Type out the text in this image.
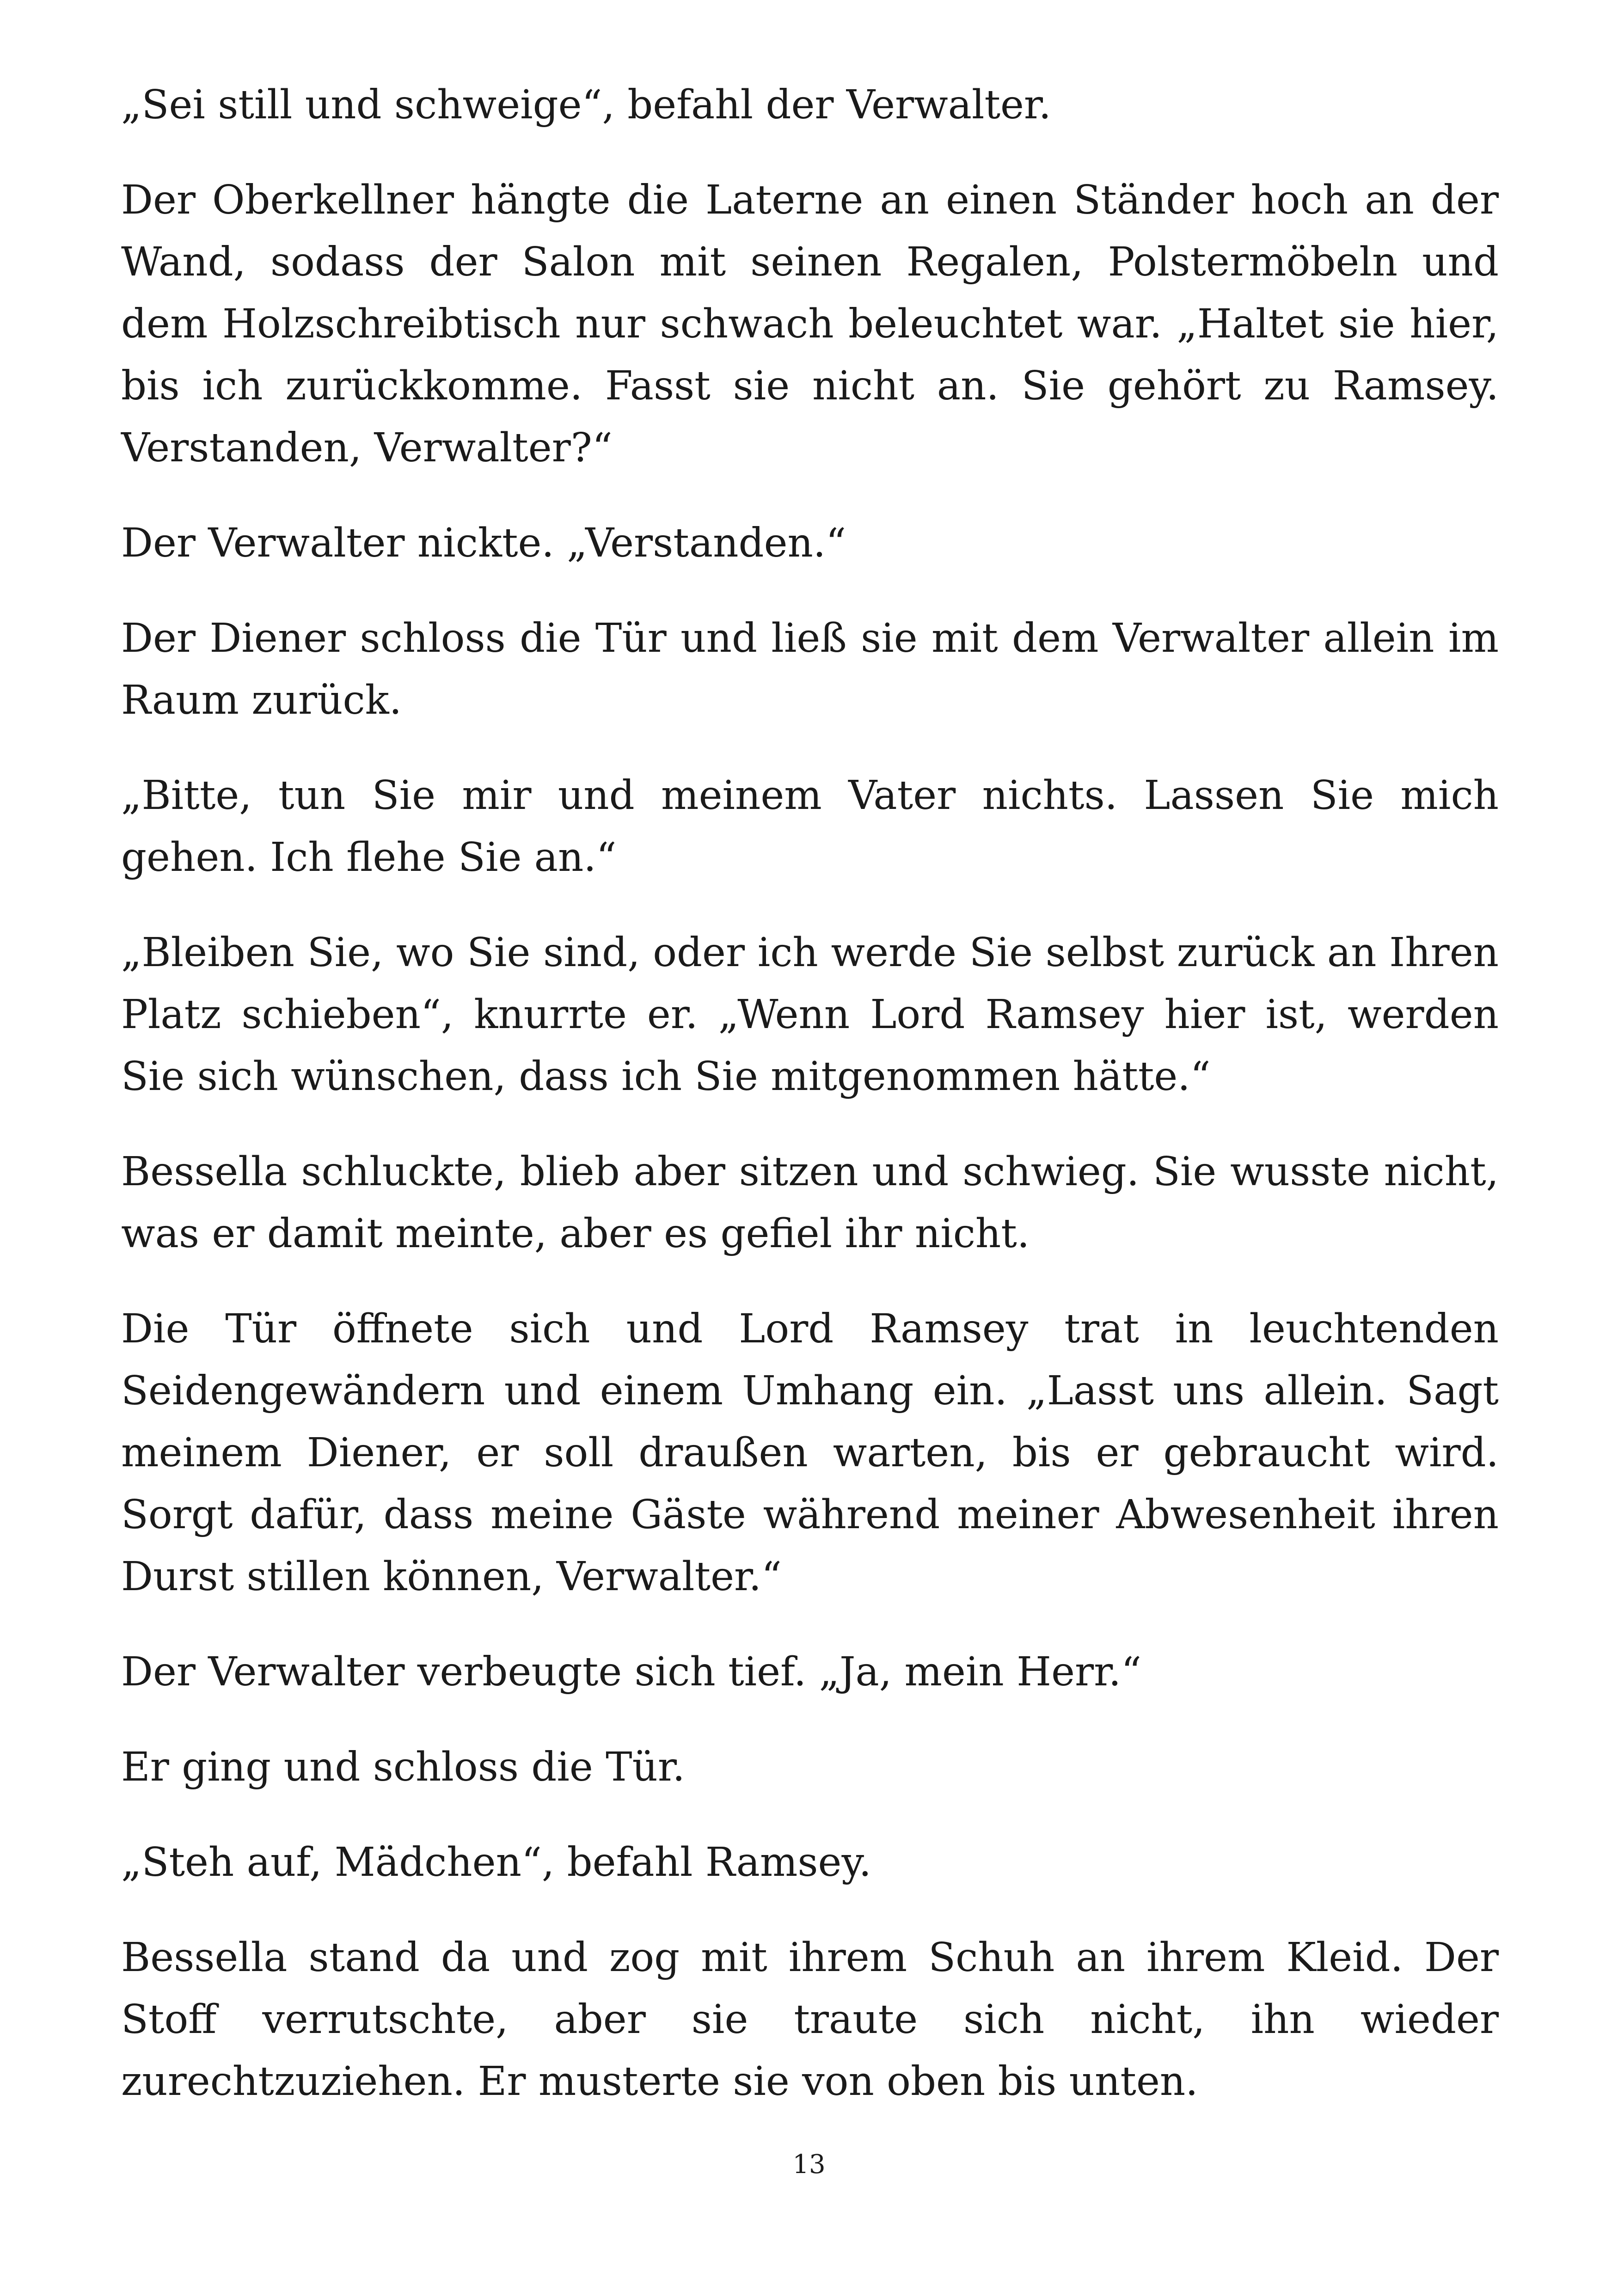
„Sei still und schweige“, befahl der Verwalter.

Der Oberkellner hängte die Laterne an einen Ständer hoch an der Wand, sodass der Salon mit seinen Regalen, Polstermöbeln und dem Holzschreibtisch nur schwach beleuchtet war. „Haltet sie hier, bis ich zurückkomme. Fasst sie nicht an. Sie gehört zu Ramsey. Verstanden, Verwalter?“

Der Verwalter nickte. „Verstanden.“

Der Diener schloss die Tür und ließ sie mit dem Verwalter allein im Raum zurück.

„Bitte, tun Sie mir und meinem Vater nichts. Lassen Sie mich gehen. Ich flehe Sie an.“

„Bleiben Sie, wo Sie sind, oder ich werde Sie selbst zurück an Ihren Platz schieben“, knurrte er. „Wenn Lord Ramsey hier ist, werden Sie sich wünschen, dass ich Sie mitgenommen hätte.“

Bessella schluckte, blieb aber sitzen und schwieg. Sie wusste nicht, was er damit meinte, aber es gefiel ihr nicht.

Die Tür öffnete sich und Lord Ramsey trat in leuchtenden Seidengewändern und einem Umhang ein. „Lasst uns allein. Sagt meinem Diener, er soll draußen warten, bis er gebraucht wird. Sorgt dafür, dass meine Gäste während meiner Abwesenheit ihren Durst stillen können, Verwalter.“

Der Verwalter verbeugte sich tief. „Ja, mein Herr.“

Er ging und schloss die Tür.

„Steh auf, Mädchen“, befahl Ramsey.

Bessella stand da und zog mit ihrem Schuh an ihrem Kleid. Der Stoff verrutschte, aber sie traute sich nicht, ihn wieder zurechtzuziehen. Er musterte sie von oben bis unten.

13
